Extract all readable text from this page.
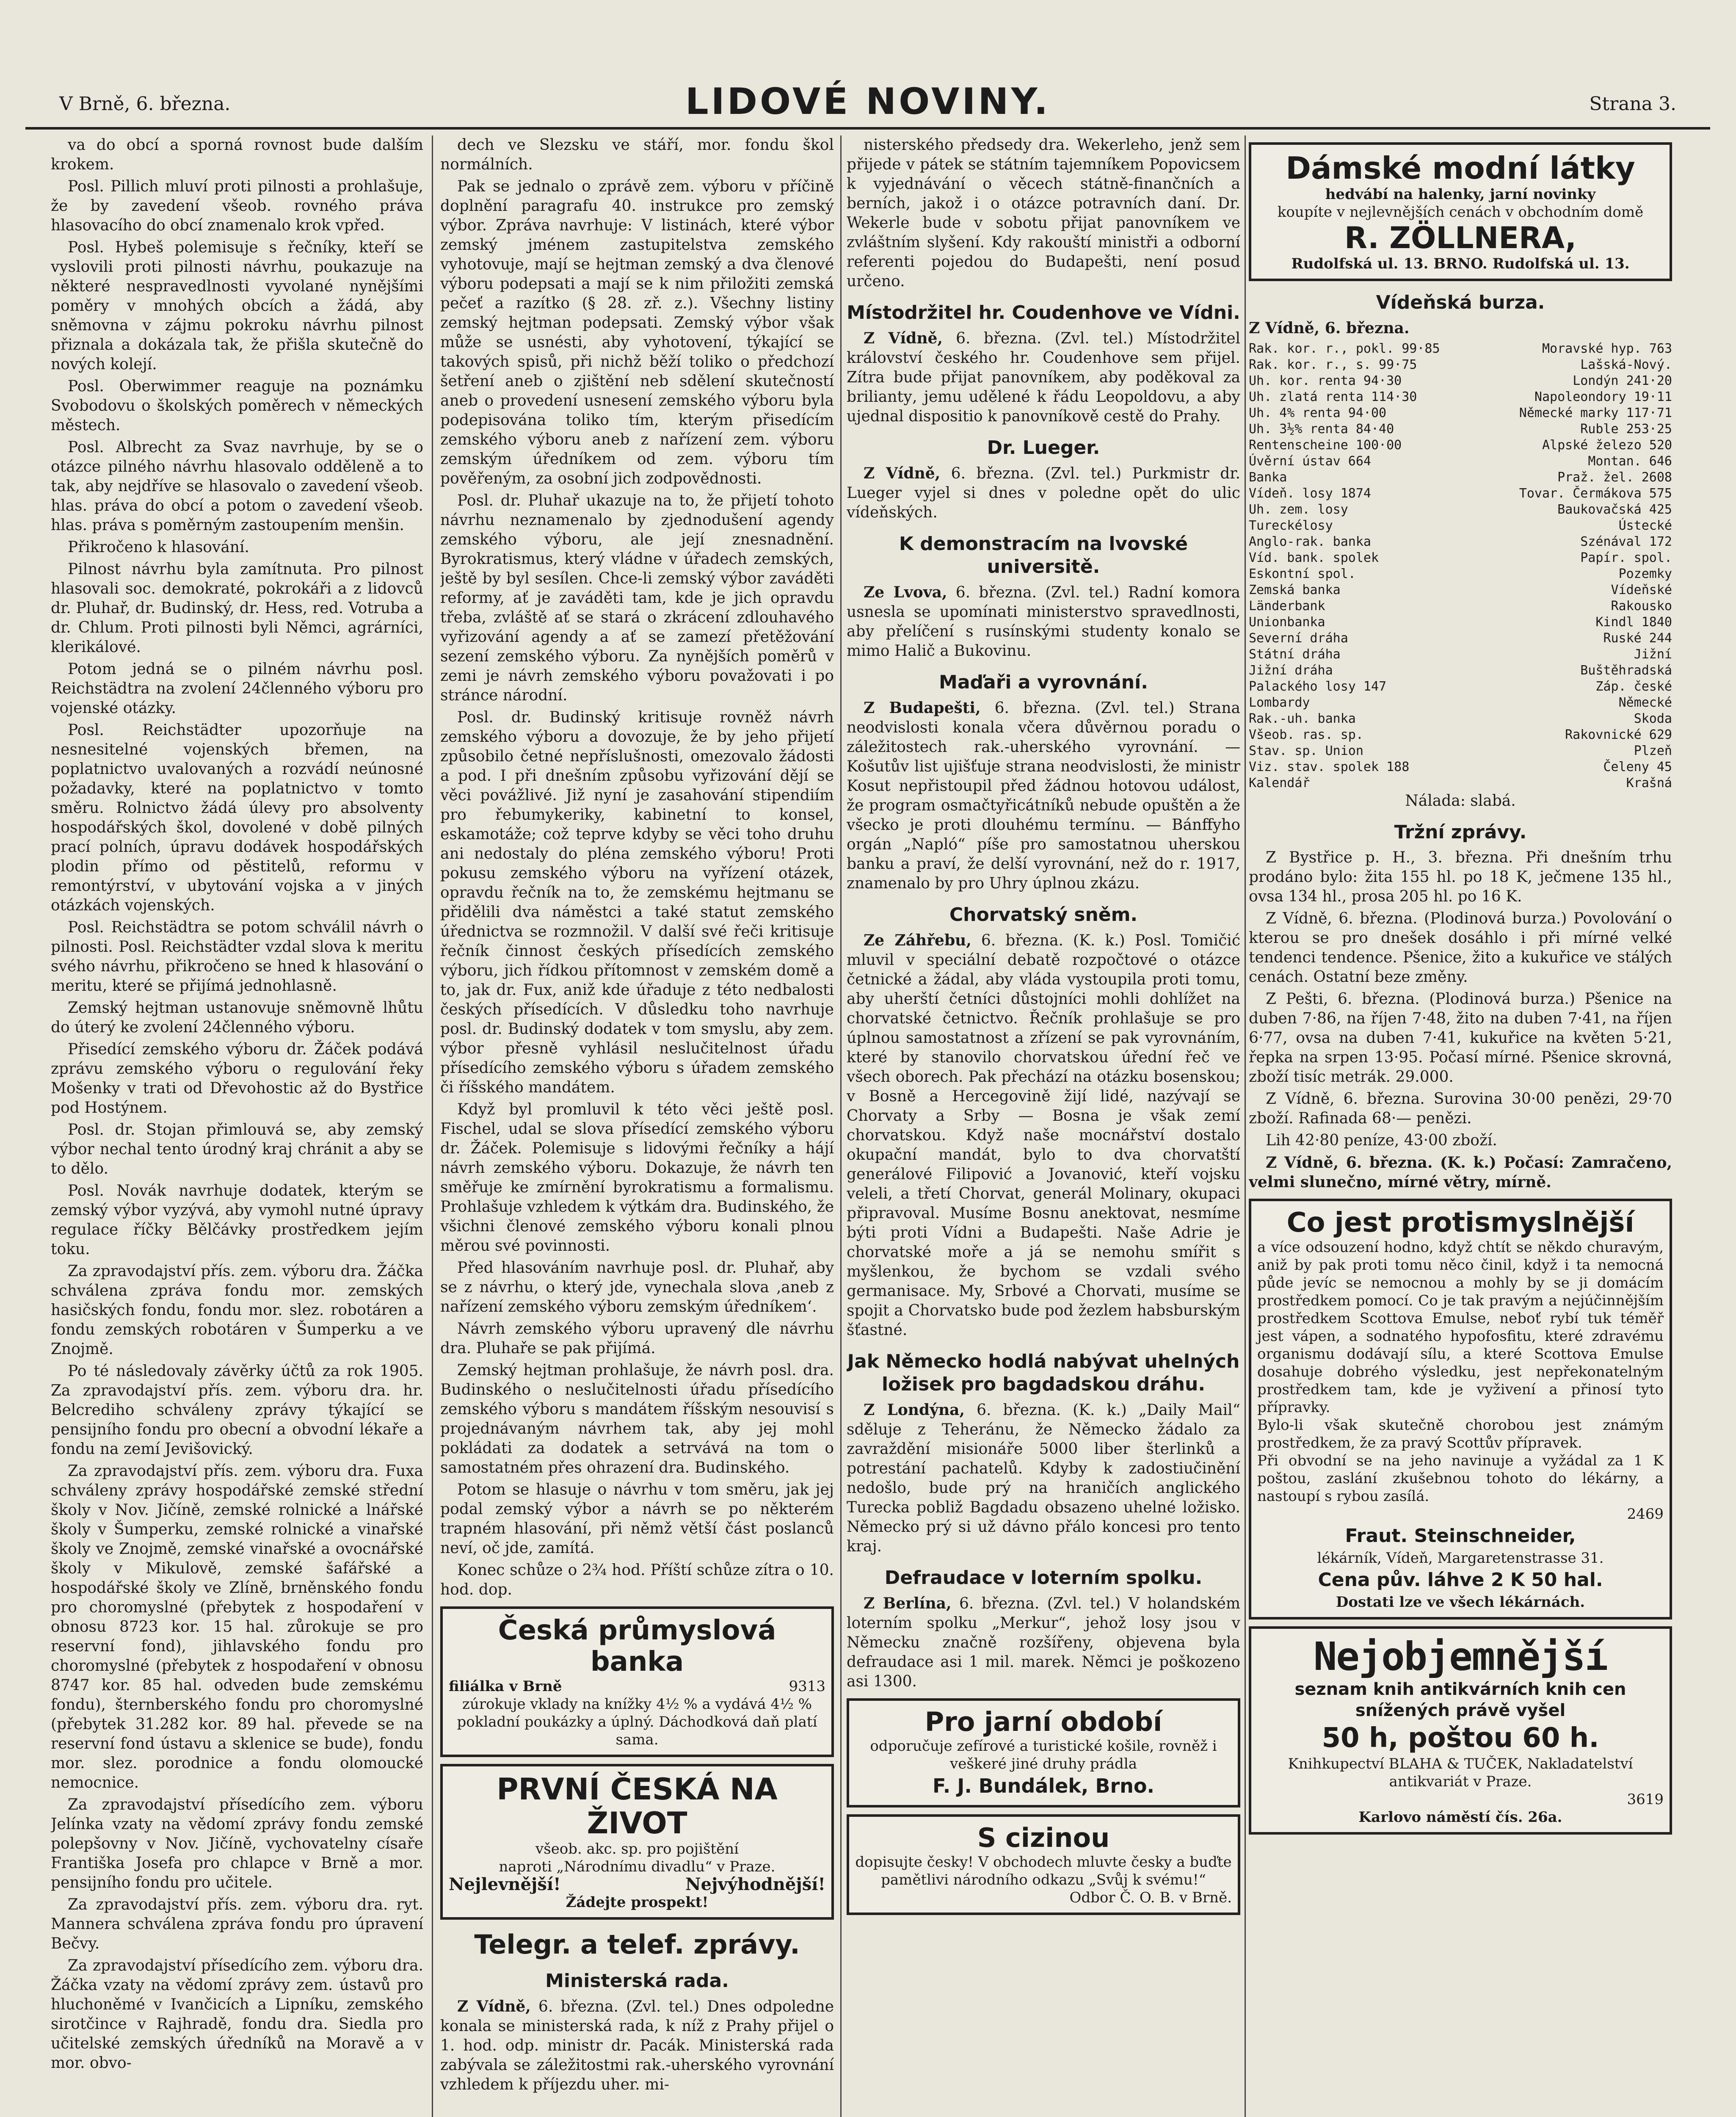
V Brně, 6. března.	LIDOVÉ NOVINY.	Strana 3.

va do obcí a sporná rovnost bude dalším krokem.

Posl. Pillich mluví proti pilnosti a prohlašuje, že by zavedení všeob. rovného práva hlasovacího do obcí znamenalo krok vpřed.

Posl. Hybeš polemisuje s řečníky, kteří se vyslovili proti pilnosti návrhu, poukazuje na některé nespravedlnosti vyvolané nynějšími poměry v mnohých obcích a žádá, aby sněmovna v zájmu pokroku návrhu pilnost přiznala a dokázala tak, že přišla skutečně do nových kolejí.

Posl. Oberwimmer reaguje na poznámku Svobodovu o školských poměrech v německých městech.

Posl. Albrecht za Svaz navrhuje, by se o otázce pilného návrhu hlasovalo odděleně a to tak, aby nejdříve se hlasovalo o zavedení všeob. hlas. práva do obcí a potom o zavedení všeob. hlas. práva s poměrným zastoupením menšin.

Přikročeno k hlasování.

Pilnost návrhu byla zamítnuta. Pro pilnost hlasovali soc. demokraté, pokrokáři a z lidovců dr. Pluhař, dr. Budinský, dr. Hess, red. Votruba a dr. Chlum. Proti pilnosti byli Němci, agrárníci, klerikálové.

Potom jedná se o pilném návrhu posl. Reichstädtra na zvolení 24členného výboru pro vojenské otázky.

Posl. Reichstädter upozorňuje na nesnesitelné vojenských břemen, na poplatnictvo uvalovaných a rozvádí neúnosné požadavky, které na poplatnictvo v tomto směru. Rolnictvo žádá úlevy pro absolventy hospodářských škol, dovolené v době pilných prací polních, úpravu dodávek hospodářských plodin přímo od pěstitelů, reformu v remontýrství, v ubytování vojska a v jiných otázkách vojenských.

Posl. Reichstädtra se potom schválil návrh o pilnosti. Posl. Reichstädter vzdal slova k meritu svého návrhu, přikročeno se hned k hlasování o meritu, které se přijímá jednohlasně.

Zemský hejtman ustanovuje sněmovně lhůtu do úterý ke zvolení 24členného výboru.

Přisedící zemského výboru dr. Žáček podává zprávu zemského výboru o regulování řeky Mošenky v trati od Dřevohostic až do Bystřice pod Hostýnem.

Posl. dr. Stojan přimlouvá se, aby zemský výbor nechal tento úrodný kraj chránit a aby se to dělo.

Posl. Novák navrhuje dodatek, kterým se zemský výbor vyzývá, aby vymohl nutné úpravy regulace říčky Bělčávky prostředkem jejím toku.

Za zpravodajství přís. zem. výboru dra. Žáčka schválena zpráva fondu mor. zemských hasičských fondu, fondu mor. slez. robotáren a fondu zemských robotáren v Šumperku a ve Znojmě.

Po té následovaly závěrky účtů za rok 1905. Za zpravodajství přís. zem. výboru dra. hr. Belcrediho schváleny zprávy týkající se pensijního fondu pro obecní a obvodní lékaře a fondu na zemí Jevišovický.

Za zpravodajství přís. zem. výboru dra. Fuxa schváleny zprávy hospodářské zemské střední školy v Nov. Jičíně, zemské rolnické a lnářské školy v Šumperku, zemské rolnické a vinařské školy ve Znojmě, zemské vinařské a ovocnářské školy v Mikulově, zemské šafářské a hospodářské školy ve Zlíně, brněnského fondu pro choromyslné (přebytek z hospodaření v obnosu 8723 kor. 15 hal. zůrokuje se pro reservní fond), jihlavského fondu pro choromyslné (přebytek z hospodaření v obnosu 8747 kor. 85 hal. odveden bude zemskému fondu), šternberského fondu pro choromyslné (přebytek 31.282 kor. 89 hal. převede se na reservní fond ústavu a sklenice se bude), fondu mor. slez. porodnice a fondu olomoucké nemocnice.

Za zpravodajství přísedícího zem. výboru Jelínka vzaty na vědomí zprávy fondu zemské polepšovny v Nov. Jičíně, vychovatelny císaře Františka Josefa pro chlapce v Brně a mor. pensijního fondu pro učitele.

Za zpravodajství přís. zem. výboru dra. ryt. Mannera schválena zpráva fondu pro úpravení Bečvy.

Za zpravodajství přísedícího zem. výboru dra. Žáčka vzaty na vědomí zprávy zem. ústavů pro hluchoněmé v Ivančicích a Lipníku, zemského sirotčince v Rajhradě, fondu dra. Siedla pro učitelské zemských úředníků na Moravě a v mor. obvo-

dech ve Slezsku ve stáří, mor. fondu škol normálních.

Pak se jednalo o zprávě zem. výboru v příčině doplnění paragrafu 40. instrukce pro zemský výbor. Zpráva navrhuje: V listinách, které výbor zemský jménem zastupitelstva zemského vyhotovuje, mají se hejtman zemský a dva členové výboru podepsati a mají se k nim přiložiti zemská pečeť a razítko (§ 28. zř. z.). Všechny listiny zemský hejtman podepsati. Zemský výbor však může se usnésti, aby vyhotovení, týkající se takových spisů, při nichž běží toliko o předchozí šetření aneb o zjištění neb sdělení skutečností aneb o provedení usnesení zemského výboru byla podepisována toliko tím, kterým přisedícím zemského výboru aneb z nařízení zem. výboru zemským úředníkem od zem. výboru tím pověřeným, za osobní jich zodpovědnosti.

Posl. dr. Pluhař ukazuje na to, že přijetí tohoto návrhu neznamenalo by zjednodušení agendy zemského výboru, ale její znesnadnění. Byrokratismus, který vládne v úřadech zemských, ještě by byl sesílen. Chce-li zemský výbor zaváděti reformy, ať je zaváděti tam, kde je jich opravdu třeba, zvláště ať se stará o zkrácení zdlouhavého vyřizování agendy a ať se zamezí přetěžování sezení zemského výboru. Za nynějších poměrů v zemi je návrh zemského výboru považovati i po stránce národní.

Posl. dr. Budinský kritisuje rovněž návrh zemského výboru a dovozuje, že by jeho přijetí způsobilo četné nepříslušnosti, omezovalo žádosti a pod. I při dnešním způsobu vyřizování dějí se věci povážlivé. Již nyní je zasahování stipendiím pro řebumykeriky, kabinetní to konsel, eskamotáže; což teprve kdyby se věci toho druhu ani nedostaly do pléna zemského výboru! Proti pokusu zemského výboru na vyřízení otázek, opravdu řečník na to, že zemskému hejtmanu se přidělili dva náměstci a také statut zemského úřednictva se rozmnožil. V další své řeči kritisuje řečník činnost českých přísedících zemského výboru, jich řídkou přítomnost v zemském domě a to, jak dr. Fux, aniž kde úřaduje z této nedbalosti českých přísedících. V důsledku toho navrhuje posl. dr. Budinský dodatek v tom smyslu, aby zem. výbor přesně vyhlásil neslučitelnost úřadu přísedícího zemského výboru s úřadem zemského či říšského mandátem.

Když byl promluvil k této věci ještě posl. Fischel, udal se slova přísedící zemského výboru dr. Žáček. Polemisuje s lidovými řečníky a hájí návrh zemského výboru. Dokazuje, že návrh ten směřuje ke zmírnění byrokratismu a formalismu. Prohlašuje vzhledem k výtkám dra. Budinského, že všichni členové zemského výboru konali plnou měrou své povinnosti.

Před hlasováním navrhuje posl. dr. Pluhař, aby se z návrhu, o který jde, vynechala slova ‚aneb z nařízení zemského výboru zemským úředníkem‘.

Návrh zemského výboru upravený dle návrhu dra. Pluhaře se pak přijímá.

Zemský hejtman prohlašuje, že návrh posl. dra. Budinského o neslučitelnosti úřadu přísedícího zemského výboru s mandátem říšským nesouvisí s projednávaným návrhem tak, aby jej mohl pokládati za dodatek a setrvává na tom o samostatném přes ohrazení dra. Budinského.

Potom se hlasuje o návrhu v tom směru, jak jej podal zemský výbor a návrh se po některém trapném hlasování, při němž větší část poslanců neví, oč jde, zamítá.

Konec schůze o 2¾ hod. Příští schůze zítra o 10. hod. dop.

Česká průmyslová banka
filiálka v Brně	9313
zúrokuje vklady na knížky 4½ % a vydává 4½ % pokladní poukázky a úplný. Dáchodková daň platí sama.
PRVNÍ ČESKÁ NA ŽIVOT
všeob. akc. sp. pro pojištění
naproti „Národnímu divadlu“ v Praze.
Nejlevnější!	Nejvýhodnější!
Žádejte prospekt!
Telegr. a telef. zprávy.
Ministerská rada.

Z Vídně, 6. března. (Zvl. tel.) Dnes odpoledne konala se ministerská rada, k níž z Prahy přijel o 1. hod. odp. ministr dr. Pacák. Ministerská rada zabývala se záležitostmi rak.-uherského vyrovnání vzhledem k příjezdu uher. mi-

nisterského předsedy dra. Wekerleho, jenž sem přijede v pátek se státním tajemníkem Popovicsem k vyjednávání o věcech státně-finančních a berních, jakož i o otázce potravních daní. Dr. Wekerle bude v sobotu přijat panovníkem ve zvláštním slyšení. Kdy rakouští ministři a odborní referenti pojedou do Budapešti, není posud určeno.

Místodržitel hr. Coudenhove ve Vídni.

Z Vídně, 6. března. (Zvl. tel.) Místodržitel království českého hr. Coudenhove sem přijel. Zítra bude přijat panovníkem, aby poděkoval za briliantу, jemu udělené k řádu Leopoldovu, a aby ujednal dispositio k panovníkově cestě do Prahy.

Dr. Lueger.

Z Vídně, 6. března. (Zvl. tel.) Purkmistr dr. Lueger vyjel si dnes v poledne opět do ulic vídeňských.

K demonstracím na lvovské universitě.

Ze Lvova, 6. března. (Zvl. tel.) Radní komora usnesla se upomínati ministerstvo spravedlnosti, aby přelíčení s rusínskými studenty konalo se mimo Halič a Bukovinu.

Maďaři a vyrovnání.

Z Budapešti, 6. března. (Zvl. tel.) Strana neodvislosti konala včera důvěrnou poradu o záležitostech rak.-uherského vyrovnání. — Košutův list ujišťuje strana neodvislosti, že ministr Kosut nepřistoupil před žádnou hotovou událost, že program osmačtyřicátníků nebude opuštěn a že všecko je proti dlouhému termínu. — Bánffyho orgán „Napló“ píše pro samostatnou uherskou banku a praví, že delší vyrovnání, než do r. 1917, znamenalo by pro Uhry úplnou zkázu.

Chorvatský sněm.

Ze Záhřebu, 6. března. (K. k.) Posl. Tomičić mluvil v speciální debatě rozpočtové o otázce četnické a žádal, aby vláda vystoupila proti tomu, aby uherští četníci důstojníci mohli dohlížet na chorvatské četnictvo. Řečník prohlašuje se pro úplnou samostatnost a zřízení se pak vyrovnáním, které by stanovilo chorvatskou úřední řeč ve všech oborech. Pak přechází na otázku bosenskou; v Bosně a Hercegovině žijí lidé, nazývají se Chorvaty a Srby — Bosna je však zemí chorvatskou. Když naše mocnářství dostalo okupační mandát, bylo to dva chorvatští generálové Filipović a Jovanović, kteří vojsku veleli, a třetí Chorvat, generál Molinary, okupaci připravoval. Musíme Bosnu anektovat, nesmíme býti proti Vídni a Budapešti. Naše Adrie je chorvatské moře a já se nemohu smířit s myšlenkou, že bychom se vzdali svého germanisace. My, Srbové a Chorvati, musíme se spojit a Chorvatsko bude pod žezlem habsburským šťastné.

Jak Německo hodlá nabývat uhelných ložisek pro bagdadskou dráhu.

Z Londýna, 6. března. (K. k.) „Daily Mail“ sděluje z Teheránu, že Německo žádalo za zavraždění misionáře 5000 liber šterlinků a potrestání pachatelů. Kdyby k zadostiučinění nedošlo, bude prý na hraničích anglického Turecka pobliž Bagdadu obsazeno uhelné ložisko. Německo prý si už dávno přálo koncesi pro tento kraj.

Defraudace v loterním spolku.

Z Berlína, 6. března. (Zvl. tel.) V holandském loterním spolku „Merkur“, jehož losy jsou v Německu značně rozšířeny, objevena byla defraudace asi 1 mil. marek. Němci je poškozeno asi 1300.

Pro jarní období
odporučuje zefírové a turistické košile, rovněž i veškeré jiné druhy prádla
F. J. Bundálek, Brno.
S cizinou
dopisujte česky! V obchodech mluvte česky a buďte pamětlivi národního odkazu „Svůj k svému!“
Odbor Č. O. B. v Brně.
Dámské modní látky
hedvábí na halenky, jarní novinky
koupíte v nejlevnějších cenách v obchodním domě
R. ZÖLLNERA,
Rudolfská ul. 13. BRNO. Rudolfská ul. 13.
Vídeňská burza.

Z Vídně, 6. března.

Rak. kor. r., pokl. 99·85	Moravské hyp. 763
Rak. kor. r., s. 99·75	Lašská-Nový.
Uh. kor. renta 94·30	Londýn 241·20
Uh. zlatá renta 114·30	Napoleondory 19·11
Uh. 4% renta 94·00	Německé marky 117·71
Uh. 3½% renta 84·40	Ruble 253·25
Rentenscheine 100·00	Alpské železo 520
Úvěrní ústav 664	Montan. 646
Banka	Praž. žel. 2608
Vídeň. losy 1874	Tovar. Čermákova 575
Uh. zem. losy	Baukovačská 425
Tureckélosy	Ústecké
Anglo-rak. banka	Szénával 172
Víd. bank. spolek	Papír. spol.
Eskontní spol.	Pozemky
Zemská banka	Vídeňské
Länderbank	Rakousko
Unionbanka	Kindl 1840
Severní dráha	Ruské 244
Státní dráha	Jižní
Jižní dráha	Buštěhradská
Palackého losy 147	Záp. české
Lombardy	Německé
Rak.-uh. banka	Skoda
Všeob. ras. sp.	Rakovnické 629
Stav. sp. Union	Plzeň
Viz. stav. spolek 188	Čeleny 45
Kalendář	Krašná

Nálada: slabá.

Tržní zprávy.

Z Bystřice p. H., 3. března. Při dnešním trhu prodáno bylo: žita 155 hl. po 18 K, ječmene 135 hl., ovsa 134 hl., prosa 205 hl. po 16 K.

Z Vídně, 6. března. (Plodinová burza.) Povolování o kterou se pro dnešek dosáhlo i při mírné velké tendenci tendence. Pšenice, žito a kukuřice ve stálých cenách. Ostatní beze změny.

Z Pešti, 6. března. (Plodinová burza.) Pšenice na duben 7·86, na říjen 7·48, žito na duben 7·41, na říjen 6·77, ovsa na duben 7·41, kukuřice na květen 5·21, řepka na srpen 13·95. Počasí mírné. Pšenice skrovná, zboží tisíc metrák. 29.000.

Z Vídně, 6. března. Surovina 30·00 penězi, 29·70 zboží. Rafinada 68·— penězi.

Lih 42·80 peníze, 43·00 zboží.

Z Vídně, 6. března. (K. k.) Počasí: Zamračeno, velmi slunečno, mírné větry, mírně.

Co jest protismyslnější
a více odsouzení hodno, když chtít se někdo churavým, aniž by pak proti tomu něco činil, když i ta nemocná půde jevíc se nemocnou a mohly by se ji domácím prostředkem pomocí. Co je tak pravým a nejúčinnějším prostředkem Scottova Emulse, neboť rybí tuk téměř jest vápen, a sodnatého hypofosfitu, které zdravému organismu dodávají sílu, a které Scottova Emulse dosahuje dobrého výsledku, jest nepřekonatelným prostředkem tam, kde je vyživení a přinosí tyto přípravky.
Bylo-li však skutečně chorobou jest známým prostředkem, že za pravý Scottův přípravek.
Při obvodní se na jeho navinuje a vyžádal za 1 K poštou, zaslání zkušebnou tohoto do lékárny, a nastoupí s rybou zasílá.
2469
Fraut. Steinschneider,
lékárník, Vídeň, Margaretenstrasse 31.
Cena pův. láhve 2 K 50 hal.
Dostati lze ve všech lékárnách.
Nejobjemnější
seznam knih antikvárních knih cen snížených právě vyšel
50 h, poštou 60 h.
Knihkupectví BLAHA & TUČEK, Nakladatelství antikvariát v Praze.
3619
Karlovo náměstí čís. 26a.
